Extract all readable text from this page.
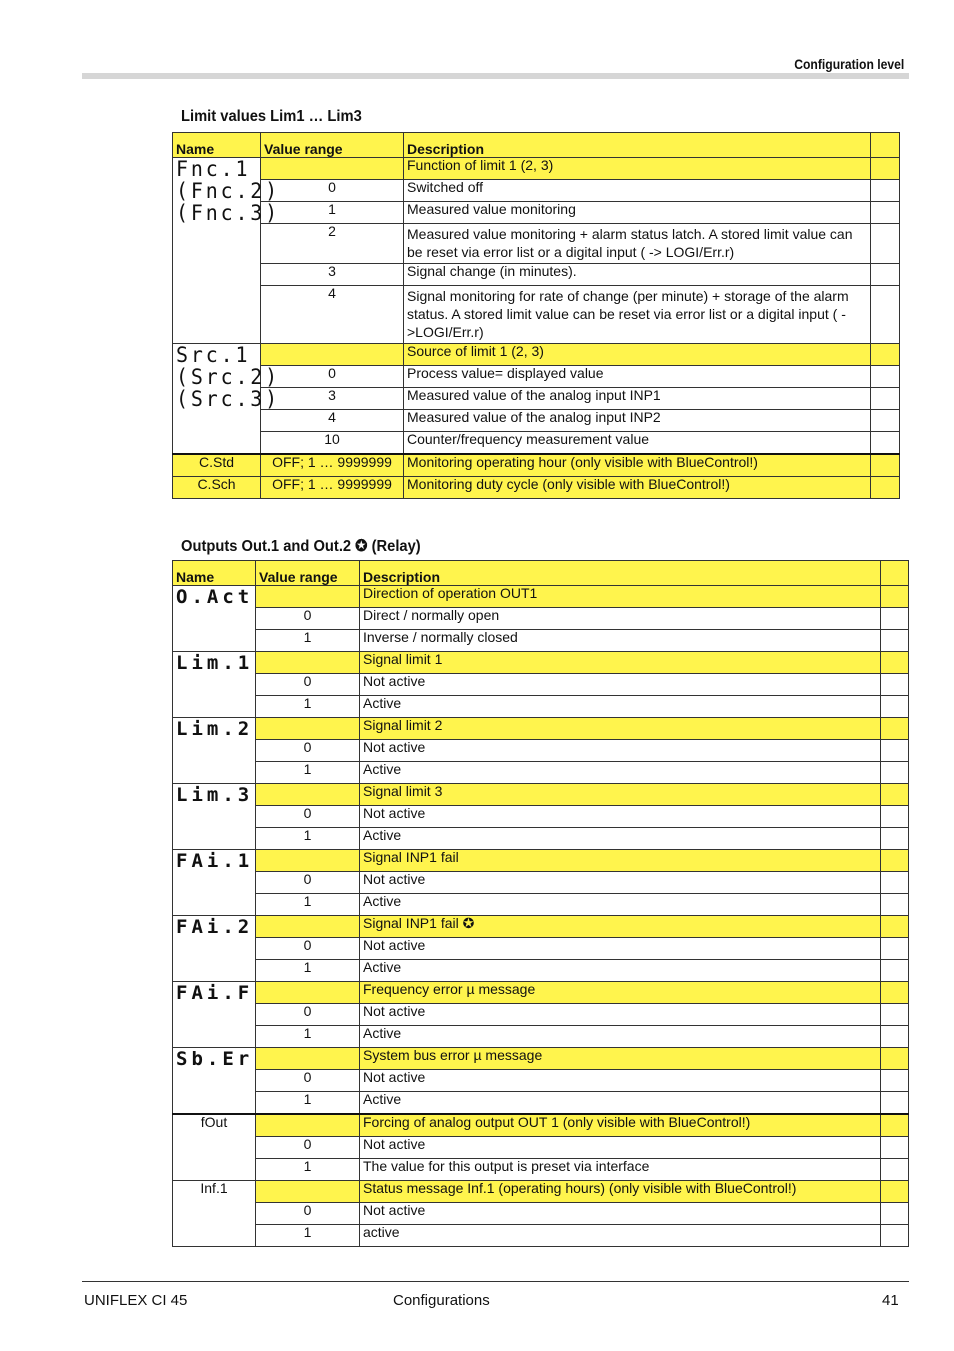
Configuration level
Limit values Lim1 … Lim3
Name	Value range	Description	

Fnc.1
(Fnc.2)
(Fnc.3)		Function of limit 1 (2, 3)	
	0	Switched off	
	1	Measured value monitoring	
	2	Measured value monitoring + alarm status latch. A stored limit value can be reset via error list or a digital input ( -> LOGI/Err.r)	
	3	Signal change (in minutes).	
	4	Signal monitoring for rate of change (per minute) + storage of the alarm status. A stored limit value can be reset via error list or a digital input ( ->LOGI/Err.r)	

Src.1
(Src.2)
(Src.3)		Source of limit 1 (2, 3)	
	0	Process value= displayed value	
	3	Measured value of the analog input INP1	
	4	Measured value of the analog input INP2	
	10	Counter/frequency measurement value	
C.Std	OFF; 1 … 9999999	Monitoring operating hour (only visible with BlueControl!)	
C.Sch	OFF; 1 … 9999999	Monitoring duty cycle (only visible with BlueControl!)	
Outputs Out.1 and Out.2 ✪ (Relay)
Name	Value range	Description	

O.Act		Direction of operation OUT1	
	0	Direct / normally open	
	1	Inverse / normally closed	

Lim.1		Signal limit 1	
	0	Not active	
	1	Active	

Lim.2		Signal limit 2	
	0	Not active	
	1	Active	

Lim.3		Signal limit 3	
	0	Not active	
	1	Active	

FAi.1		Signal INP1 fail	
	0	Not active	
	1	Active	

FAi.2		Signal INP1 fail ✪	
	0	Not active	
	1	Active	

FAi.F		Frequency error µ message	
	0	Not active	
	1	Active	

Sb.Er		System bus error µ message	
	0	Not active	
	1	Active	
fOut		Forcing of analog output OUT 1 (only visible with BlueControl!)	
	0	Not active	
	1	The value for this output is preset via interface	
Inf.1		Status message Inf.1 (operating hours) (only visible with BlueControl!)	
	0	Not active	
	1	active	
UNIFLEX CI 45	Configurations	41
